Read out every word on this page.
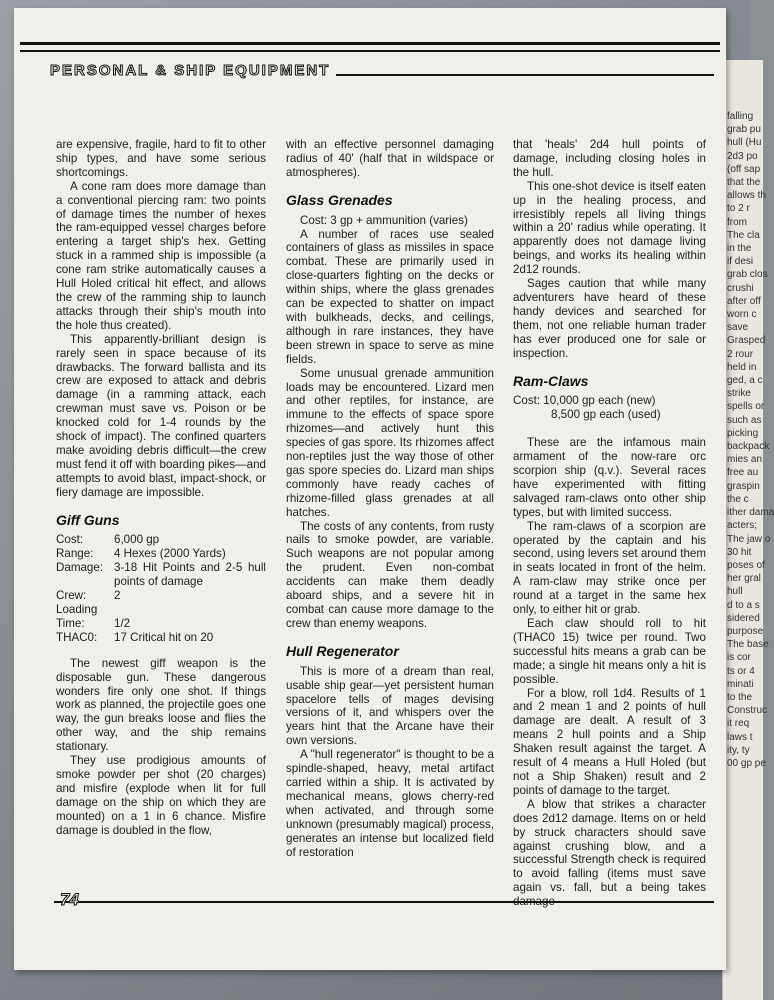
falling
grab pu
hull (Hu
2d3 po
(off sap
that the
allows th
to 2 r
from
The cla
in the
if desi
grab clos
crushi
after off
worn c
save
Grasped
2 rour
held in
ged, a c
strike
spells or
such as
picking
backpack
mies an
free au
graspin
the c
ither dama
acters;
The jaw o
30 hit
poses of
her gral
hull
d to a s
sidered
purpose
The base
is cor
ts or 4
minati
to the
Construc
it req
laws t
ity, ty
00 gp pe
PERSONAL & SHIP EQUIPMENT

are expensive, fragile, hard to fit to other ship types, and have some serious shortcomings.

A cone ram does more damage than a conventional piercing ram: two points of damage times the number of hexes the ram-equipped vessel charges before entering a target ship's hex. Getting stuck in a rammed ship is impossible (a cone ram strike automatically causes a Hull Holed critical hit effect, and allows the crew of the ramming ship to launch attacks through their ship's mouth into the hole thus created).

This apparently-brilliant design is rarely seen in space because of its drawbacks. The forward ballista and its crew are exposed to attack and debris damage (in a ramming attack, each crewman must save vs. Poison or be knocked cold for 1-4 rounds by the shock of impact). The confined quarters make avoiding debris difficult—the crew must fend it off with boarding pikes—and attempts to avoid blast, impact-shock, or fiery damage are impossible.

Giff Guns
Cost:	6,000 gp
Range:	4 Hexes (2000 Yards)
Damage:	3-18 Hit Points and 2-5 hull points of damage
Crew:	2
Loading	
Time:	1/2
THAC0:	17 Critical hit on 20

The newest giff weapon is the disposable gun. These dangerous wonders fire only one shot. If things work as planned, the projectile goes one way, the gun breaks loose and flies the other way, and the ship remains stationary.

They use prodigious amounts of smoke powder per shot (20 charges) and misfire (explode when lit for full damage on the ship on which they are mounted) on a 1 in 6 chance. Misfire damage is doubled in the flow,

with an effective personnel damaging radius of 40' (half that in wildspace or atmospheres).

Glass Grenades

Cost: 3 gp + ammunition (varies)

A number of races use sealed containers of glass as missiles in space combat. These are primarily used in close-quarters fighting on the decks or within ships, where the glass grenades can be expected to shatter on impact with bulkheads, decks, and ceilings, although in rare instances, they have been strewn in space to serve as mine fields.

Some unusual grenade ammunition loads may be encountered. Lizard men and other reptiles, for instance, are immune to the effects of space spore rhizomes—and actively hunt this species of gas spore. Its rhizomes affect non-reptiles just the way those of other gas spore species do. Lizard man ships commonly have ready caches of rhizome-filled glass grenades at all hatches.

The costs of any contents, from rusty nails to smoke powder, are variable. Such weapons are not popular among the prudent. Even non-combat accidents can make them deadly aboard ships, and a severe hit in combat can cause more damage to the crew than enemy weapons.

Hull Regenerator

This is more of a dream than real, usable ship gear—yet persistent human spacelore tells of mages devising versions of it, and whispers over the years hint that the Arcane have their own versions.

A "hull regenerator" is thought to be a spindle-shaped, heavy, metal artifact carried within a ship. It is activated by mechanical means, glows cherry-red when activated, and through some unknown (presumably magical) process, generates an intense but localized field of restoration

that 'heals' 2d4 hull points of damage, including closing holes in the hull.

This one-shot device is itself eaten up in the healing process, and irresistibly repels all living things within a 20' radius while operating. It apparently does not damage living beings, and works its healing within 2d12 rounds.

Sages caution that while many adventurers have heard of these handy devices and searched for them, not one reliable human trader has ever produced one for sale or inspection.

Ram-Claws

Cost: 10,000 gp each (new)

8,500 gp each (used)

These are the infamous main armament of the now-rare orc scorpion ship (q.v.). Several races have experimented with fitting salvaged ram-claws onto other ship types, but with limited success.

The ram-claws of a scorpion are operated by the captain and his second, using levers set around them in seats located in front of the helm. A ram-claw may strike once per round at a target in the same hex only, to either hit or grab.

Each claw should roll to hit (THAC0 15) twice per round. Two successful hits means a grab can be made; a single hit means only a hit is possible.

For a blow, roll 1d4. Results of 1 and 2 mean 1 and 2 points of hull damage are dealt. A result of 3 means 2 hull points and a Ship Shaken result against the target. A result of 4 means a Hull Holed (but not a Ship Shaken) result and 2 points of damage to the target.

A blow that strikes a character does 2d12 damage. Items on or held by struck characters should save against crushing blow, and a successful Strength check is required to avoid falling (items must save again vs. fall, but a being takes damage

74
